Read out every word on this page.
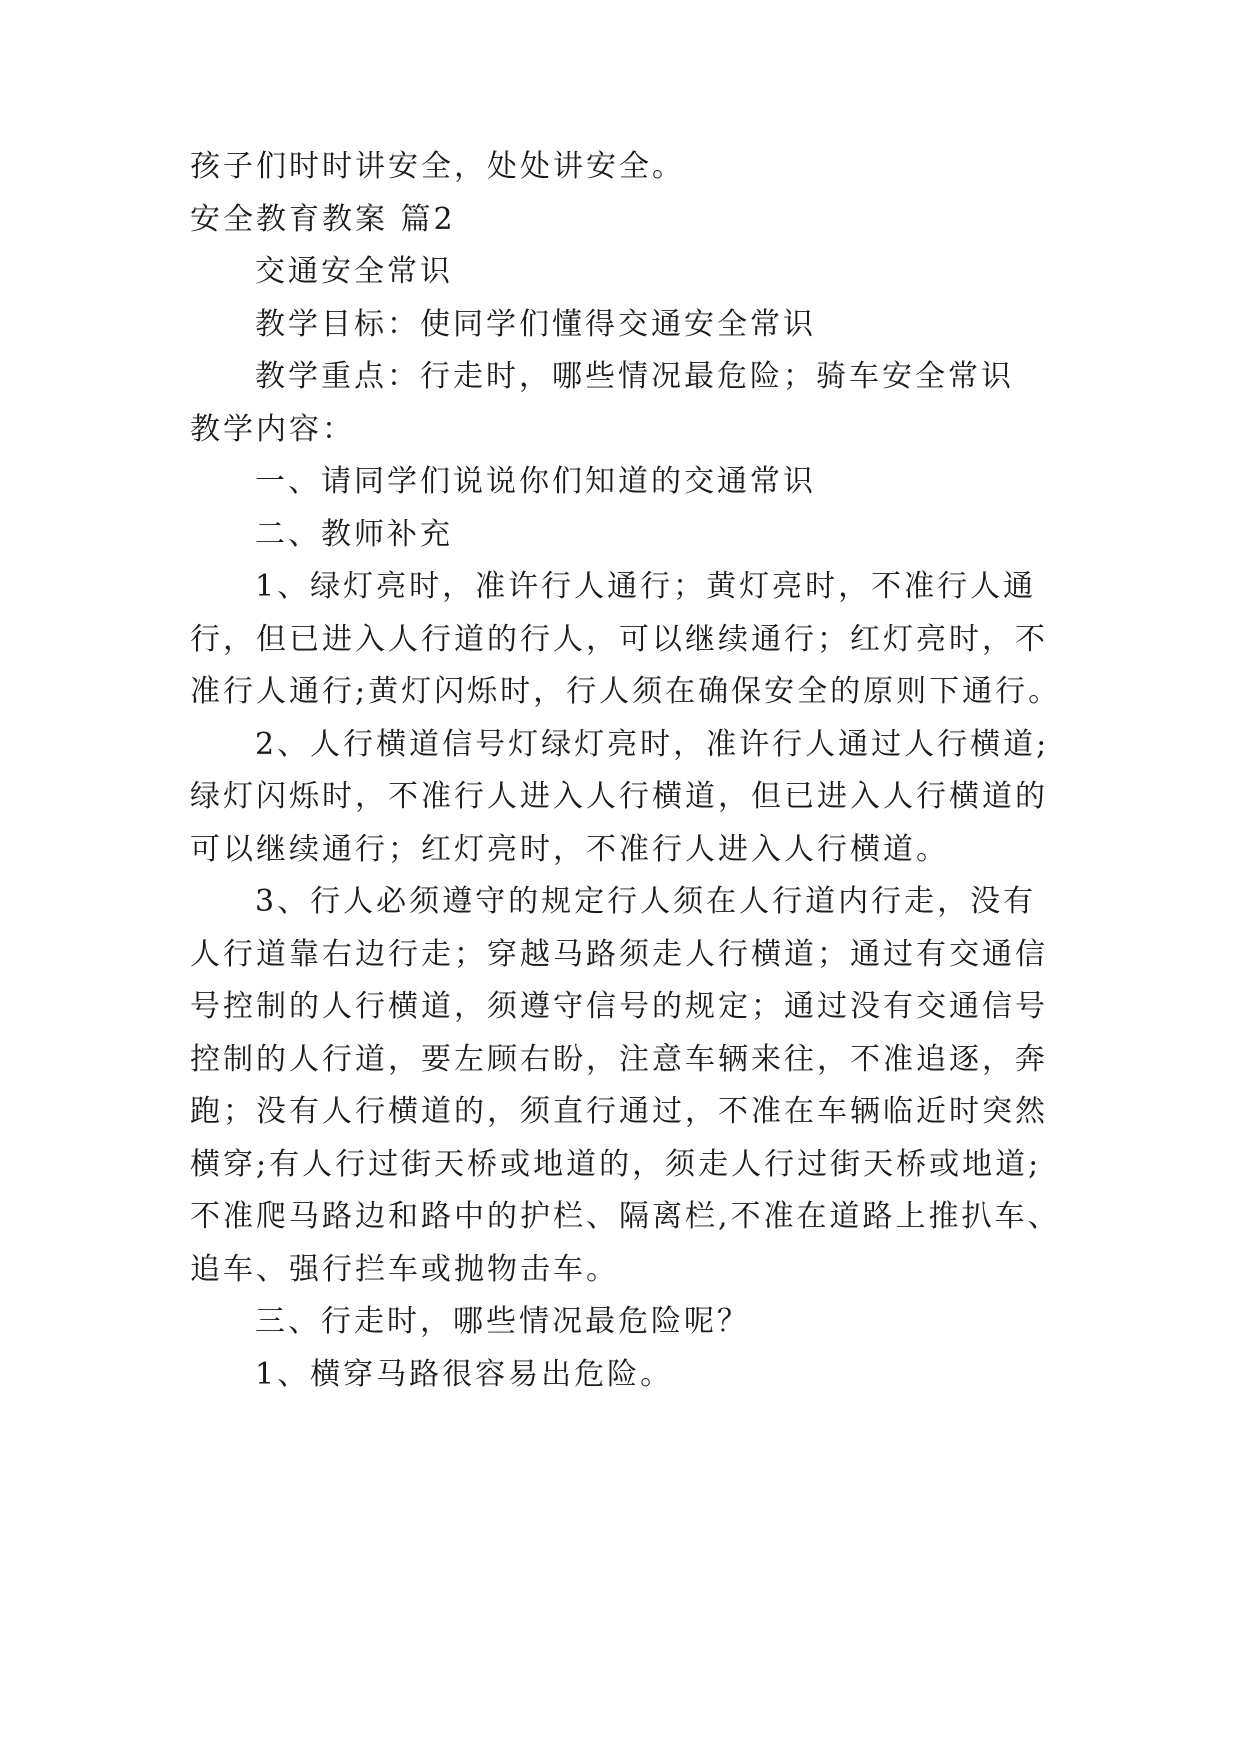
孩子们时时讲安全，处处讲安全。
安全教育教案 篇2
交通安全常识
教学目标：使同学们懂得交通安全常识
教学重点：行走时，哪些情况最危险；骑车安全常识
教学内容：
一、请同学们说说你们知道的交通常识
二、教师补充
1、绿灯亮时，准许行人通行；黄灯亮时，不准行人通
行，但已进入人行道的行人，可以继续通行；红灯亮时，不
准行人通行;黄灯闪烁时，行人须在确保安全的原则下通行。
2、人行横道信号灯绿灯亮时，准许行人通过人行横道;
绿灯闪烁时，不准行人进入人行横道，但已进入人行横道的
可以继续通行；红灯亮时，不准行人进入人行横道。
3、行人必须遵守的规定行人须在人行道内行走，没有
人行道靠右边行走；穿越马路须走人行横道；通过有交通信
号控制的人行横道，须遵守信号的规定；通过没有交通信号
控制的人行道，要左顾右盼，注意车辆来往，不准追逐，奔
跑；没有人行横道的，须直行通过，不准在车辆临近时突然
横穿;有人行过街天桥或地道的，须走人行过街天桥或地道;
不准爬马路边和路中的护栏、隔离栏,不准在道路上推扒车、
追车、强行拦车或抛物击车。
三、行走时，哪些情况最危险呢？
1、横穿马路很容易出危险。
